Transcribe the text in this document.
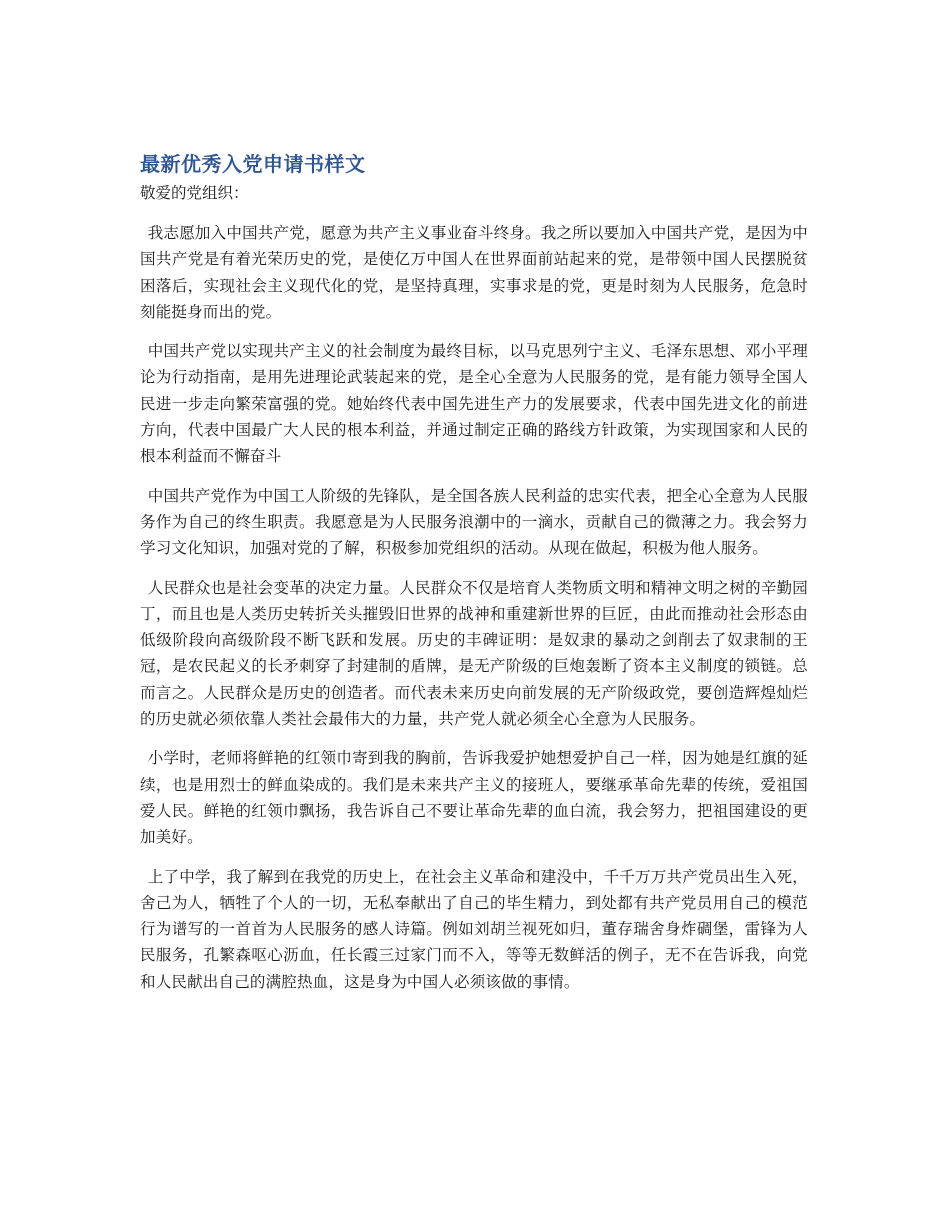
最新优秀入党申请书样文

敬爱的党组织：

我志愿加入中国共产党，愿意为共产主义事业奋斗终身。我之所以要加入中国共产党，是因为中国共产党是有着光荣历史的党，是使亿万中国人在世界面前站起来的党，是带领中国人民摆脱贫困落后，实现社会主义现代化的党，是坚持真理，实事求是的党，更是时刻为人民服务，危急时刻能挺身而出的党。

中国共产党以实现共产主义的社会制度为最终目标，以马克思列宁主义、毛泽东思想、邓小平理论为行动指南，是用先进理论武装起来的党，是全心全意为人民服务的党，是有能力领导全国人民进一步走向繁荣富强的党。她始终代表中国先进生产力的发展要求，代表中国先进文化的前进方向，代表中国最广大人民的根本利益，并通过制定正确的路线方针政策，为实现国家和人民的根本利益而不懈奋斗

中国共产党作为中国工人阶级的先锋队，是全国各族人民利益的忠实代表，把全心全意为人民服务作为自己的终生职责。我愿意是为人民服务浪潮中的一滴水，贡献自己的微薄之力。我会努力学习文化知识，加强对党的了解，积极参加党组织的活动。从现在做起，积极为他人服务。

人民群众也是社会变革的决定力量。人民群众不仅是培育人类物质文明和精神文明之树的辛勤园丁，而且也是人类历史转折关头摧毁旧世界的战神和重建新世界的巨匠，由此而推动社会形态由低级阶段向高级阶段不断飞跃和发展。历史的丰碑证明：是奴隶的暴动之剑削去了奴隶制的王冠，是农民起义的长矛刺穿了封建制的盾牌，是无产阶级的巨炮轰断了资本主义制度的锁链。总而言之。人民群众是历史的创造者。而代表未来历史向前发展的无产阶级政党，要创造辉煌灿烂的历史就必须依靠人类社会最伟大的力量，共产党人就必须全心全意为人民服务。

小学时，老师将鲜艳的红领巾寄到我的胸前，告诉我爱护她想爱护自己一样，因为她是红旗的延续，也是用烈士的鲜血染成的。我们是未来共产主义的接班人，要继承革命先辈的传统，爱祖国爱人民。鲜艳的红领巾飘扬，我告诉自己不要让革命先辈的血白流，我会努力，把祖国建设的更加美好。

上了中学，我了解到在我党的历史上，在社会主义革命和建没中，千千万万共产党员出生入死，舍己为人，牺牲了个人的一切，无私奉献出了自己的毕生精力，到处都有共产党员用自己的模范行为谱写的一首首为人民服务的感人诗篇。例如刘胡兰视死如归，董存瑞舍身炸碉堡，雷锋为人民服务，孔繁森呕心沥血，任长霞三过家门而不入，等等无数鲜活的例子，无不在告诉我，向党和人民献出自己的满腔热血，这是身为中国人必须该做的事情。
